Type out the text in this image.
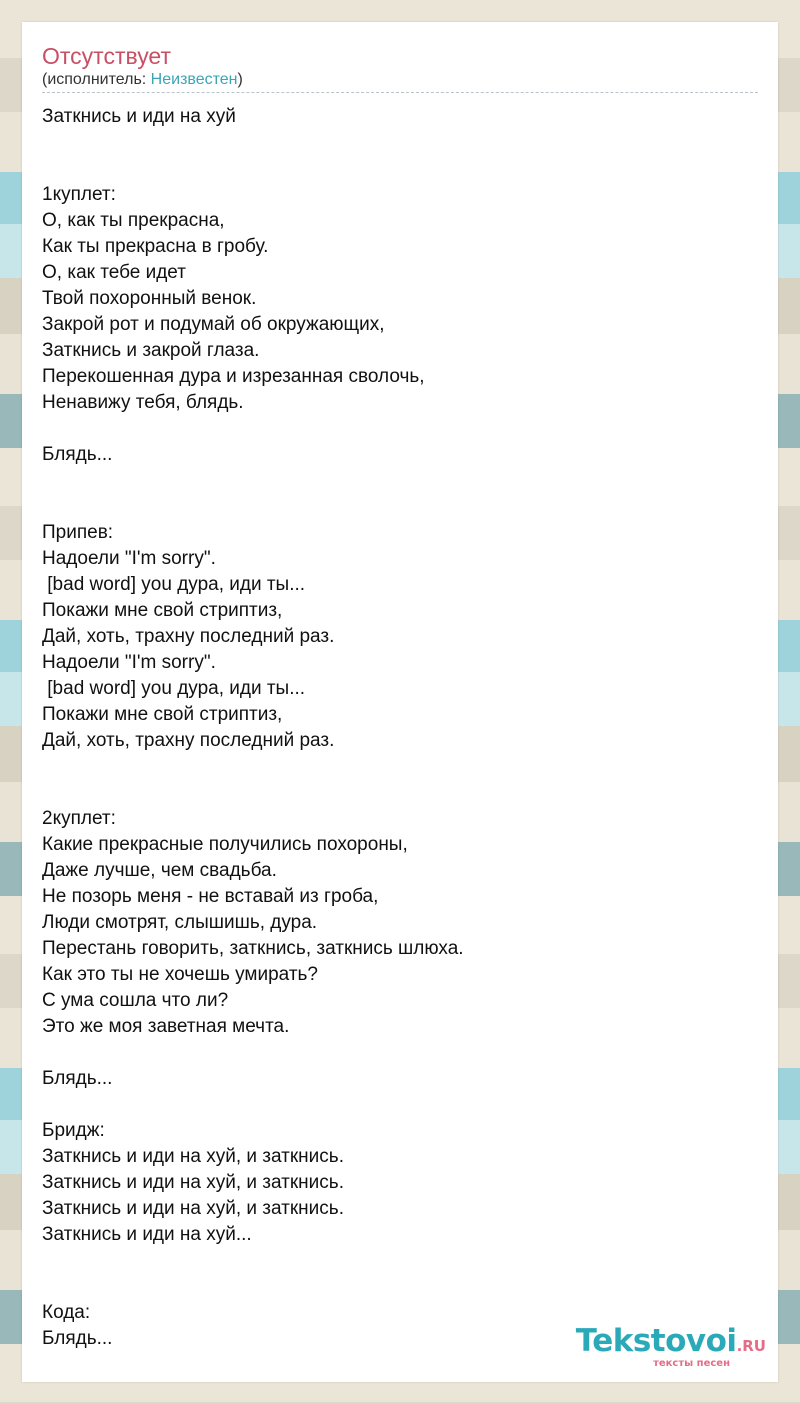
Отсутствует
(исполнитель: Неизвестен)
Заткнись и иди на хуй

1куплет:
О, как ты прекрасна,
Как ты прекрасна в гробу.
О, как тебе идет
Твой похоронный венок.
Закрой рот и подумай об окружающих,
Заткнись и закрой глаза.
Перекошенная дура и изрезанная сволочь,
Ненавижу тебя, блядь.

Блядь...

Припев:
Надоели "I'm sorry".
[bad word] you дура, иди ты...
Покажи мне свой стриптиз,
Дай, хоть, трахну последний раз.
Надоели "I'm sorry".
[bad word] you дура, иди ты...
Покажи мне свой стриптиз,
Дай, хоть, трахну последний раз.

2куплет:
Какие прекрасные получились похороны,
Даже лучше, чем свадьба.
Не позорь меня - не вставай из гроба,
Люди смотрят, слышишь, дура.
Перестань говорить, заткнись, заткнись шлюха.
Как это ты не хочешь умирать?
С ума сошла что ли?
Это же моя заветная мечта.

Блядь...

Бридж:
Заткнись и иди на хуй, и заткнись.
Заткнись и иди на хуй, и заткнись.
Заткнись и иди на хуй, и заткнись.
Заткнись и иди на хуй...

Кода:
Блядь...	Tekstovoi.RU
тексты песен
